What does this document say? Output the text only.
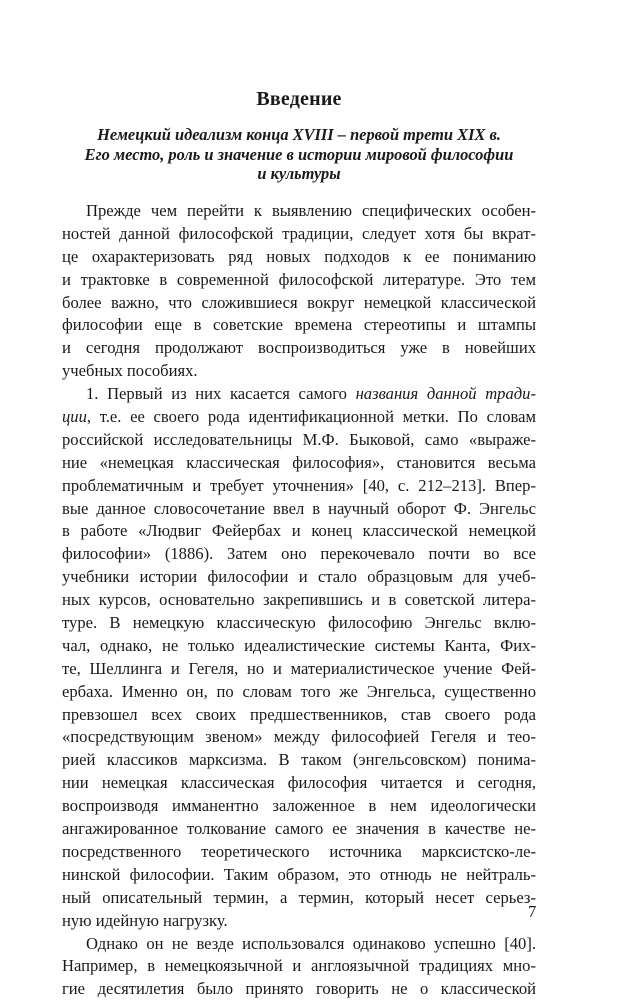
Введение
Немецкий идеализм конца XVIII – первой трети XIX в.
Его место, роль и значение в истории мировой философии
и культуры
Прежде чем перейти к выявлению специфических особен-
ностей данной философской традиции, следует хотя бы вкрат-
це охарактеризовать ряд новых подходов к ее пониманию
и трактовке в современной философской литературе. Это тем
более важно, что сложившиеся вокруг немецкой классической
философии еще в советские времена стереотипы и штампы
и сегодня продолжают воспроизводиться уже в новейших
учебных пособиях.
1. Первый из них касается самого названия данной тради-
ции, т.е. ее своего рода идентификационной метки. По словам
российской исследовательницы М.Ф. Быковой, само «выраже-
ние «немецкая классическая философия», становится весьма
проблематичным и требует уточнения» [40, с. 212–213]. Впер-
вые данное словосочетание ввел в научный оборот Ф. Энгельс
в работе «Людвиг Фейербах и конец классической немецкой
философии» (1886). Затем оно перекочевало почти во все
учебники истории философии и стало образцовым для учеб-
ных курсов, основательно закрепившись и в советской литера-
туре. В немецкую классическую философию Энгельс вклю-
чал, однако, не только идеалистические системы Канта, Фих-
те, Шеллинга и Гегеля, но и материалистическое учение Фей-
ербаха. Именно он, по словам того же Энгельса, существенно
превзошел всех своих предшественников, став своего рода
«посредствующим звеном» между философией Гегеля и тео-
рией классиков марксизма. В таком (энгельсовском) понима-
нии немецкая классическая философия читается и сегодня,
воспроизводя имманентно заложенное в нем идеологически
ангажированное толкование самого ее значения в качестве не-
посредственного теоретического источника марксистско-ле-
нинской философии. Таким образом, это отнюдь не нейтраль-
ный описательный термин, а термин, который несет серьез-
ную идейную нагрузку.
Однако он не везде использовался одинаково успешно [40].
Например, в немецкоязычной и англоязычной традициях мно-
гие десятилетия было принято говорить не о классической
7
